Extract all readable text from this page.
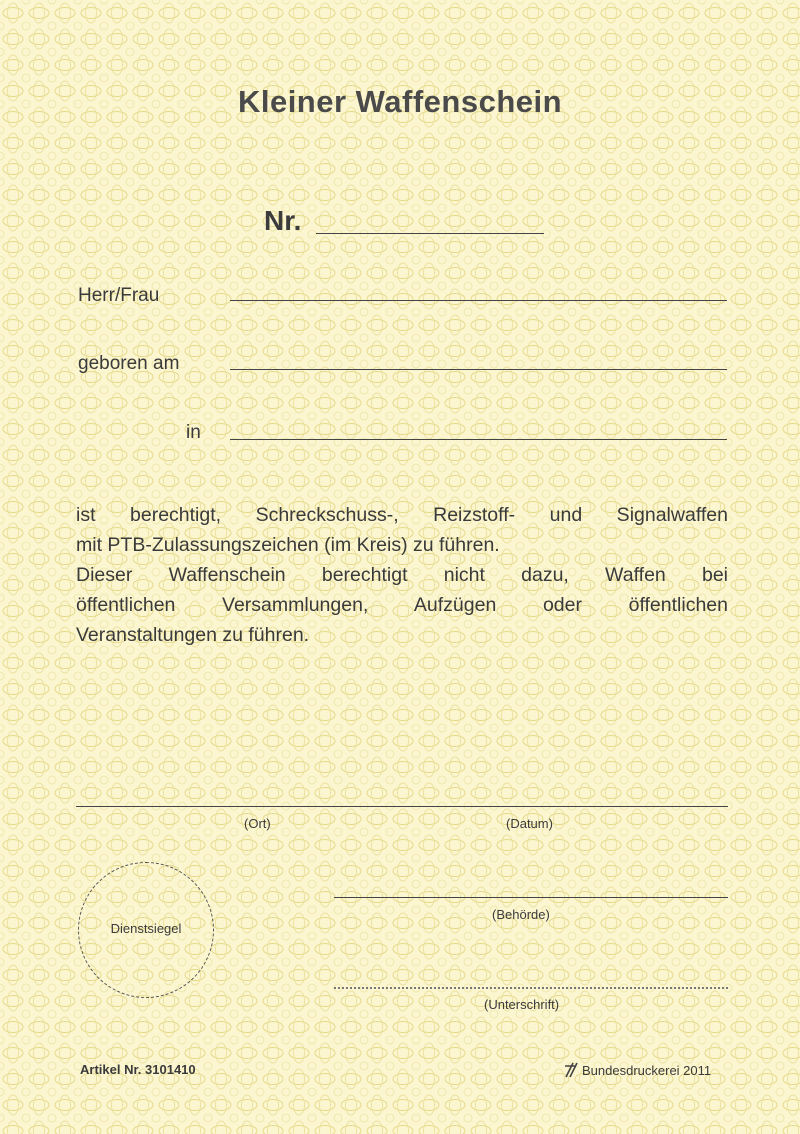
Kleiner Waffenschein
Nr.
Herr/Frau
geboren am
in
ist berechtigt, Schreckschuss-, Reizstoff- und Signalwaffen
mit PTB-Zulassungszeichen (im Kreis) zu führen.
Dieser Waffenschein berechtigt nicht dazu, Waffen bei
öffentlichen Versammlungen, Aufzügen oder öffentlichen
Veranstaltungen zu führen.
(Ort)	(Datum)
Dienstsiegel
(Behörde)
(Unterschrift)
Artikel Nr. 3101410	Bundesdruckerei 2011
